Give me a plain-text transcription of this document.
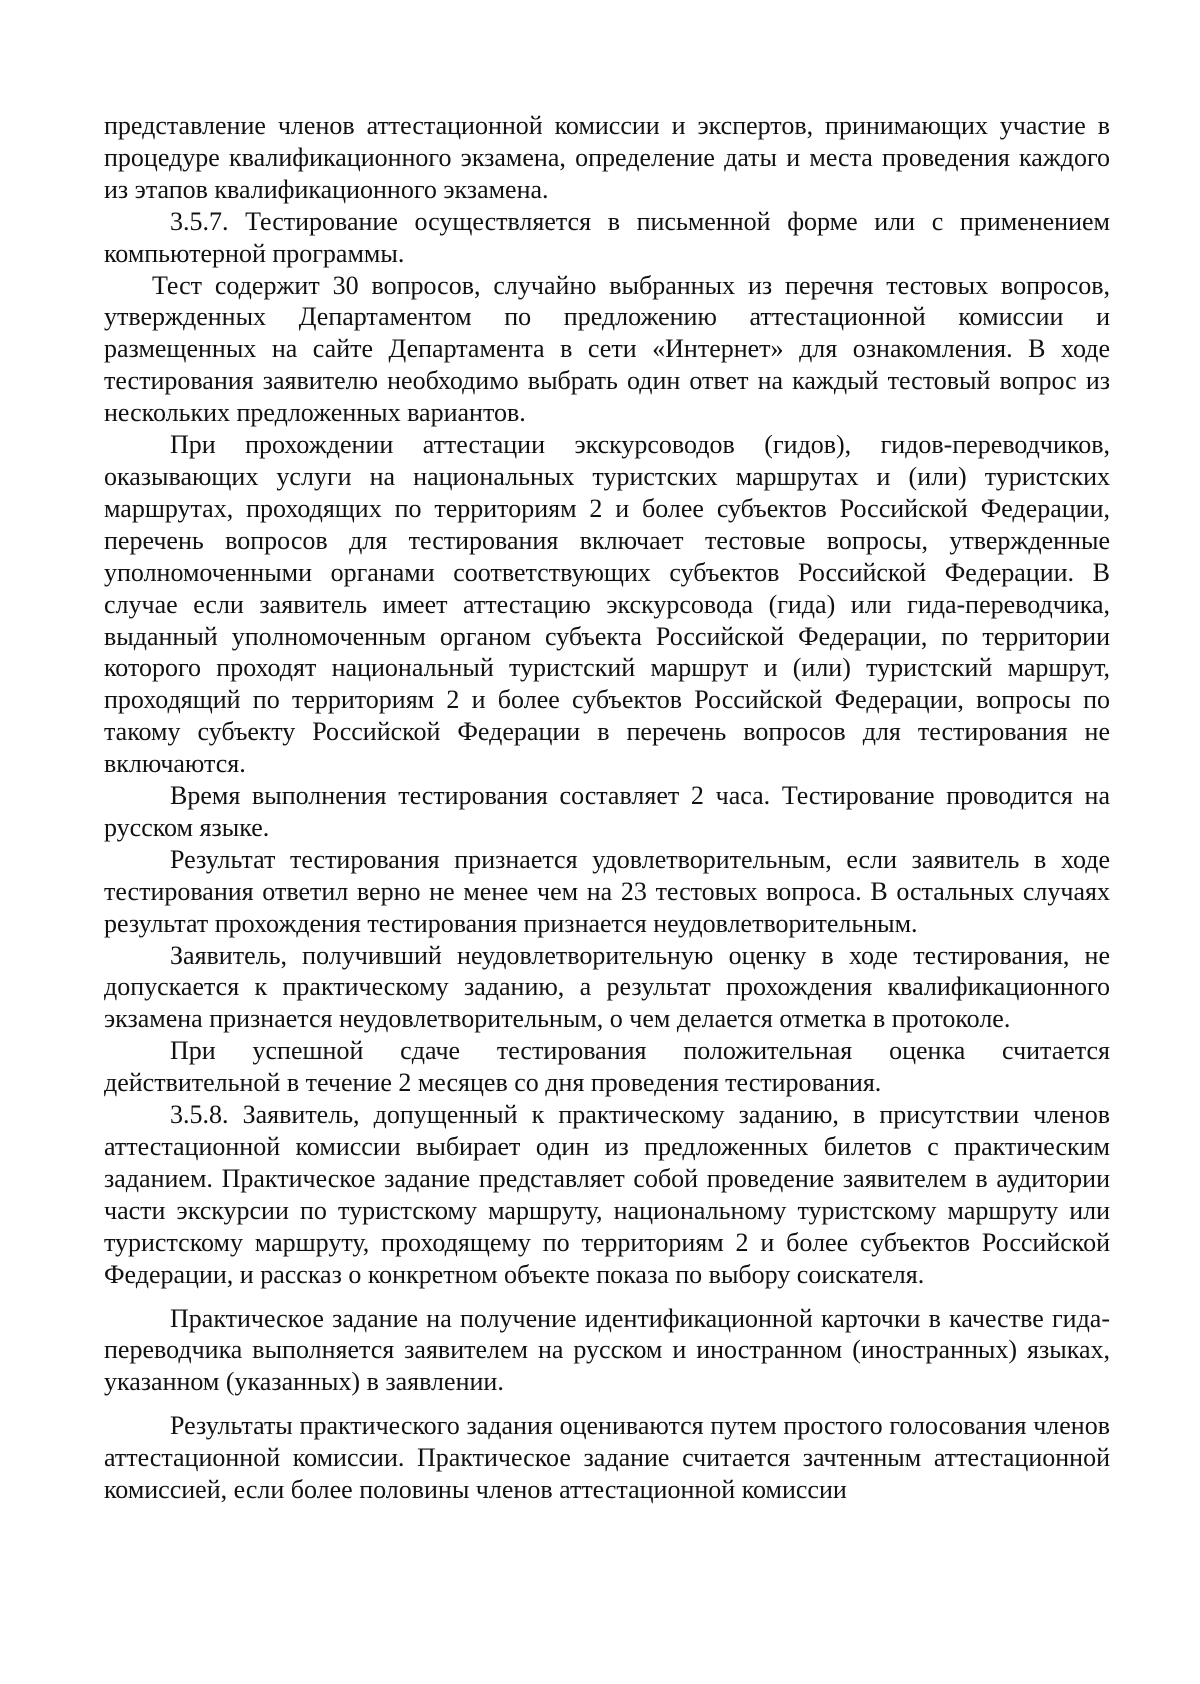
представление членов аттестационной комиссии и экспертов, принимающих участие в процедуре квалификационного экзамена, определение даты и места проведения каждого из этапов квалификационного экзамена.

3.5.7. Тестирование осуществляется в письменной форме или с применением компьютерной программы.

Тест содержит 30 вопросов, случайно выбранных из перечня тестовых вопросов, утвержденных Департаментом по предложению аттестационной комиссии и размещенных на сайте Департамента в сети «Интернет» для ознакомления. В ходе тестирования заявителю необходимо выбрать один ответ на каждый тестовый вопрос из нескольких предложенных вариантов.

При прохождении аттестации экскурсоводов (гидов), гидов-переводчиков, оказывающих услуги на национальных туристских маршрутах и (или) туристских маршрутах, проходящих по территориям 2 и более субъектов Российской Федерации, перечень вопросов для тестирования включает тестовые вопросы, утвержденные уполномоченными органами соответствующих субъектов Российской Федерации. В случае если заявитель имеет аттестацию экскурсовода (гида) или гида-переводчика, выданный уполномоченным органом субъекта Российской Федерации, по территории которого проходят национальный туристский маршрут и (или) туристский маршрут, проходящий по территориям 2 и более субъектов Российской Федерации, вопросы по такому субъекту Российской Федерации в перечень вопросов для тестирования не включаются.

Время выполнения тестирования составляет 2 часа. Тестирование проводится на русском языке.

Результат тестирования признается удовлетворительным, если заявитель в ходе тестирования ответил верно не менее чем на 23 тестовых вопроса. В остальных случаях результат прохождения тестирования признается неудовлетворительным.

Заявитель, получивший неудовлетворительную оценку в ходе тестирования, не допускается к практическому заданию, а результат прохождения квалификационного экзамена признается неудовлетворительным, о чем делается отметка в протоколе.

При успешной сдаче тестирования положительная оценка считается действительной в течение 2 месяцев со дня проведения тестирования.

3.5.8. Заявитель, допущенный к практическому заданию, в присутствии членов аттестационной комиссии выбирает один из предложенных билетов с практическим заданием. Практическое задание представляет собой проведение заявителем в аудитории части экскурсии по туристскому маршруту, национальному туристскому маршруту или туристскому маршруту, проходящему по территориям 2 и более субъектов Российской Федерации, и рассказ о конкретном объекте показа по выбору соискателя.

Практическое задание на получение идентификационной карточки в качестве гида-переводчика выполняется заявителем на русском и иностранном (иностранных) языках, указанном (указанных) в заявлении.

Результаты практического задания оцениваются путем простого голосования членов аттестационной комиссии. Практическое задание считается зачтенным аттестационной комиссией, если более половины членов аттестационной комиссии
